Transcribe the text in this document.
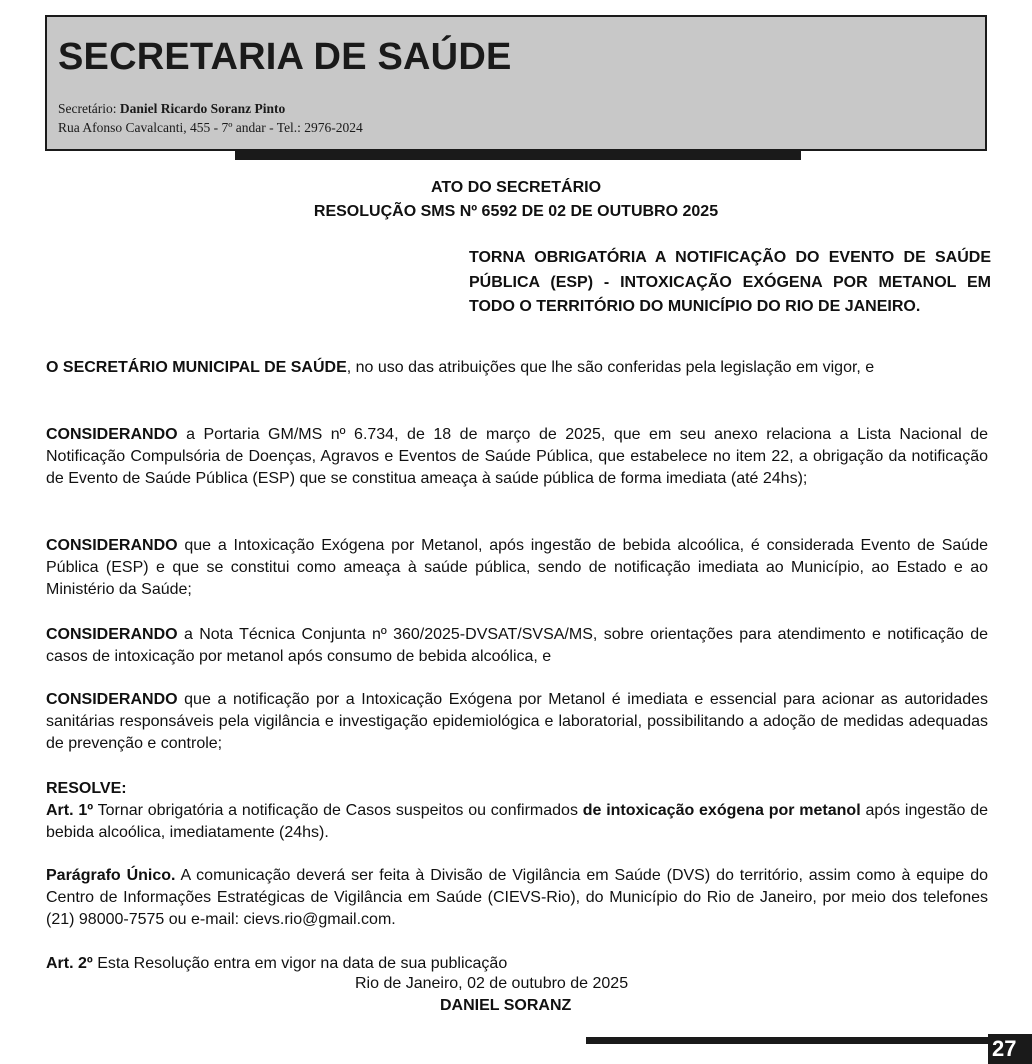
SECRETARIA DE SAÚDE

Secretário: Daniel Ricardo Soranz Pinto

Rua Afonso Cavalcanti, 455 - 7º andar - Tel.: 2976-2024

ATO DO SECRETÁRIO

RESOLUÇÃO SMS Nº 6592 DE 02 DE OUTUBRO 2025

TORNA OBRIGATÓRIA A NOTIFICAÇÃO DO EVENTO DE SAÚDE PÚBLICA (ESP) - INTOXICAÇÃO EXÓGENA POR METANOL EM TODO O TERRITÓRIO DO MUNICÍPIO DO RIO DE JANEIRO.

O SECRETÁRIO MUNICIPAL DE SAÚDE, no uso das atribuições que lhe são conferidas pela legislação em vigor, e

CONSIDERANDO a Portaria GM/MS nº 6.734, de 18 de março de 2025, que em seu anexo relaciona a Lista Nacional de Notificação Compulsória de Doenças, Agravos e Eventos de Saúde Pública, que estabelece no item 22, a obrigação da notificação de Evento de Saúde Pública (ESP) que se constitua ameaça à saúde pública de forma imediata (até 24hs);

CONSIDERANDO que a Intoxicação Exógena por Metanol, após ingestão de bebida alcoólica, é considerada Evento de Saúde Pública (ESP) e que se constitui como ameaça à saúde pública, sendo de notificação imediata ao Município, ao Estado e ao Ministério da Saúde;

CONSIDERANDO a Nota Técnica Conjunta nº 360/2025-DVSAT/SVSA/MS, sobre orientações para atendimento e notificação de casos de intoxicação por metanol após consumo de bebida alcoólica, e

CONSIDERANDO que a notificação por a Intoxicação Exógena por Metanol é imediata e essencial para acionar as autoridades sanitárias responsáveis pela vigilância e investigação epidemiológica e laboratorial, possibilitando a adoção de medidas adequadas de prevenção e controle;

RESOLVE:

Art. 1º Tornar obrigatória a notificação de Casos suspeitos ou confirmados de intoxicação exógena por metanol após ingestão de bebida alcoólica, imediatamente (24hs).

Parágrafo Único. A comunicação deverá ser feita à Divisão de Vigilância em Saúde (DVS) do território, assim como à equipe do Centro de Informações Estratégicas de Vigilância em Saúde (CIEVS-Rio), do Município do Rio de Janeiro, por meio dos telefones (21) 98000-7575 ou e-mail: cievs.rio@gmail.com.

Art. 2º Esta Resolução entra em vigor na data de sua publicação

Rio de Janeiro, 02 de outubro de 2025

DANIEL SORANZ

27
